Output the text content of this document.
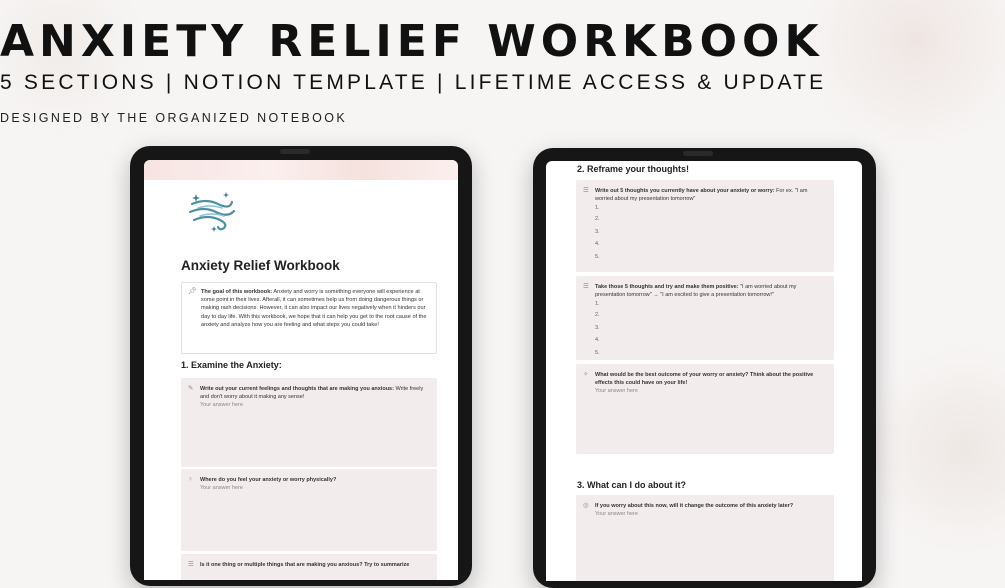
ANXIETY RELIEF WORKBOOK
5 SECTIONS | NOTION TEMPLATE | LIFETIME ACCESS & UPDATE
DESIGNED BY THE ORGANIZED NOTEBOOK
Anxiety Relief Workbook
📌︎ The goal of this workbook: Anxiety and worry is something everyone will experience at some point in their lives. Afterall, it can sometimes help us from doing dangerous things or making rash decisions. However, it can also impact our lives negatively when it hinders our day to day life. With this workbook, we hope that it can help you get to the root cause of the anxiety and analyze how you are feeling and what steps you could take!
1. Examine the Anxiety:
✎ Write out your current feelings and thoughts that are making you anxious: Write freely and don't worry about it making any sense!
Your answer here
♀ Where do you feel your anxiety or worry physically?
Your answer here
☰ Is it one thing or multiple things that are making you anxious? Try to summarize
2. Reframe your thoughts!
☰ Write out 5 thoughts you currently have about your anxiety or worry: For ex. "I am worried about my presentation tomorrow"
1.
2.
3.
4.
5.
☰ Take those 5 thoughts and try and make them positive: "I am worried about my presentation tomorrow" → "I am excited to give a presentation tomorrow!"
1.
2.
3.
4.
5.
✧ What would be the best outcome of your worry or anxiety? Think about the positive effects this could have on your life!
Your answer here
3. What can I do about it?
◎ If you worry about this now, will it change the outcome of this anxiety later?
Your answer here
